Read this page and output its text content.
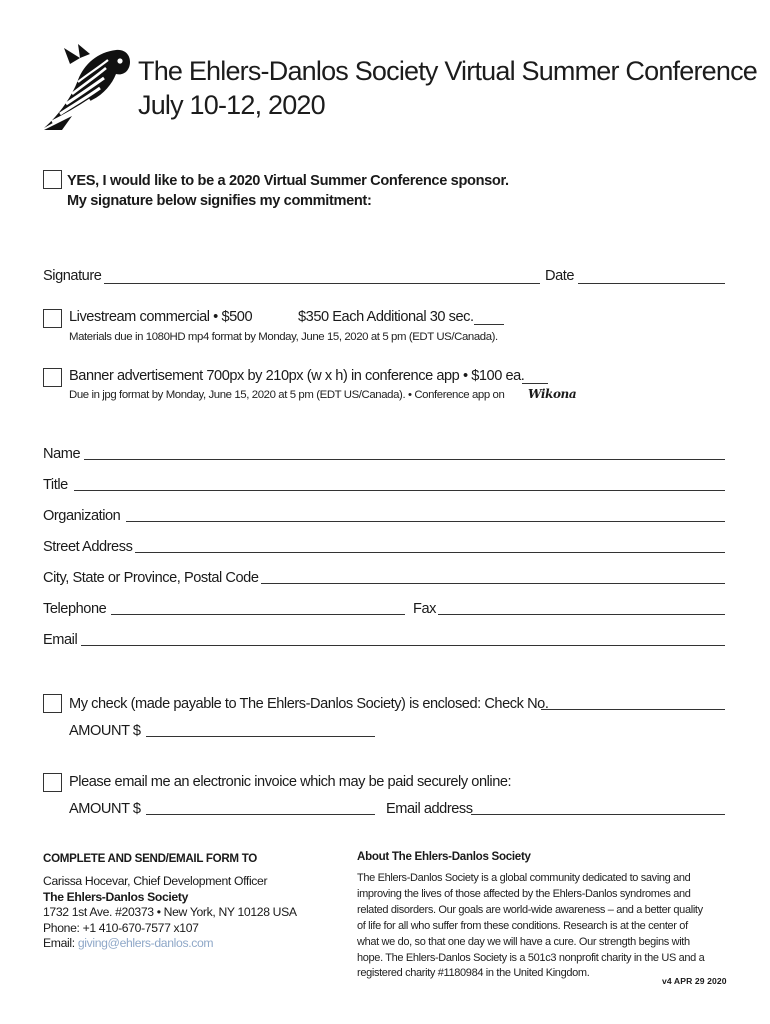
The Ehlers-Danlos Society Virtual Summer Conference
July 10-12, 2020
YES, I would like to be a 2020 Virtual Summer Conference sponsor.
My signature below signifies my commitment:
Signature	Date
Livestream commercial • $500	$350 Each Additional 30 sec.
Materials due in 1080HD mp4 format by Monday, June 15, 2020 at 5 pm (EDT US/Canada).
Banner advertisement 700px by 210px (w x h) in conference app • $100 ea.
Due in jpg format by Monday, June 15, 2020 at 5 pm (EDT US/Canada). • Conference app on Wikona
Name
Title
Organization
Street Address
City, State or Province, Postal Code
Telephone	Fax
Email
My check (made payable to The Ehlers-Danlos Society) is enclosed: Check No.
AMOUNT $
Please email me an electronic invoice which may be paid securely online:
AMOUNT $	Email address
COMPLETE AND SEND/EMAIL FORM TO
Carissa Hocevar, Chief Development Officer
The Ehlers-Danlos Society
1732 1st Ave. #20373 • New York, NY 10128 USA
Phone: +1 410-670-7577 x107
Email: giving@ehlers-danlos.com
About The Ehlers-Danlos Society
The Ehlers-Danlos Society is a global community dedicated to saving and
improving the lives of those affected by the Ehlers-Danlos syndromes and
related disorders. Our goals are world-wide awareness – and a better quality
of life for all who suffer from these conditions. Research is at the center of
what we do, so that one day we will have a cure. Our strength begins with
hope. The Ehlers-Danlos Society is a 501c3 nonprofit charity in the US and a
registered charity #1180984 in the United Kingdom.
v4 APR 29 2020
